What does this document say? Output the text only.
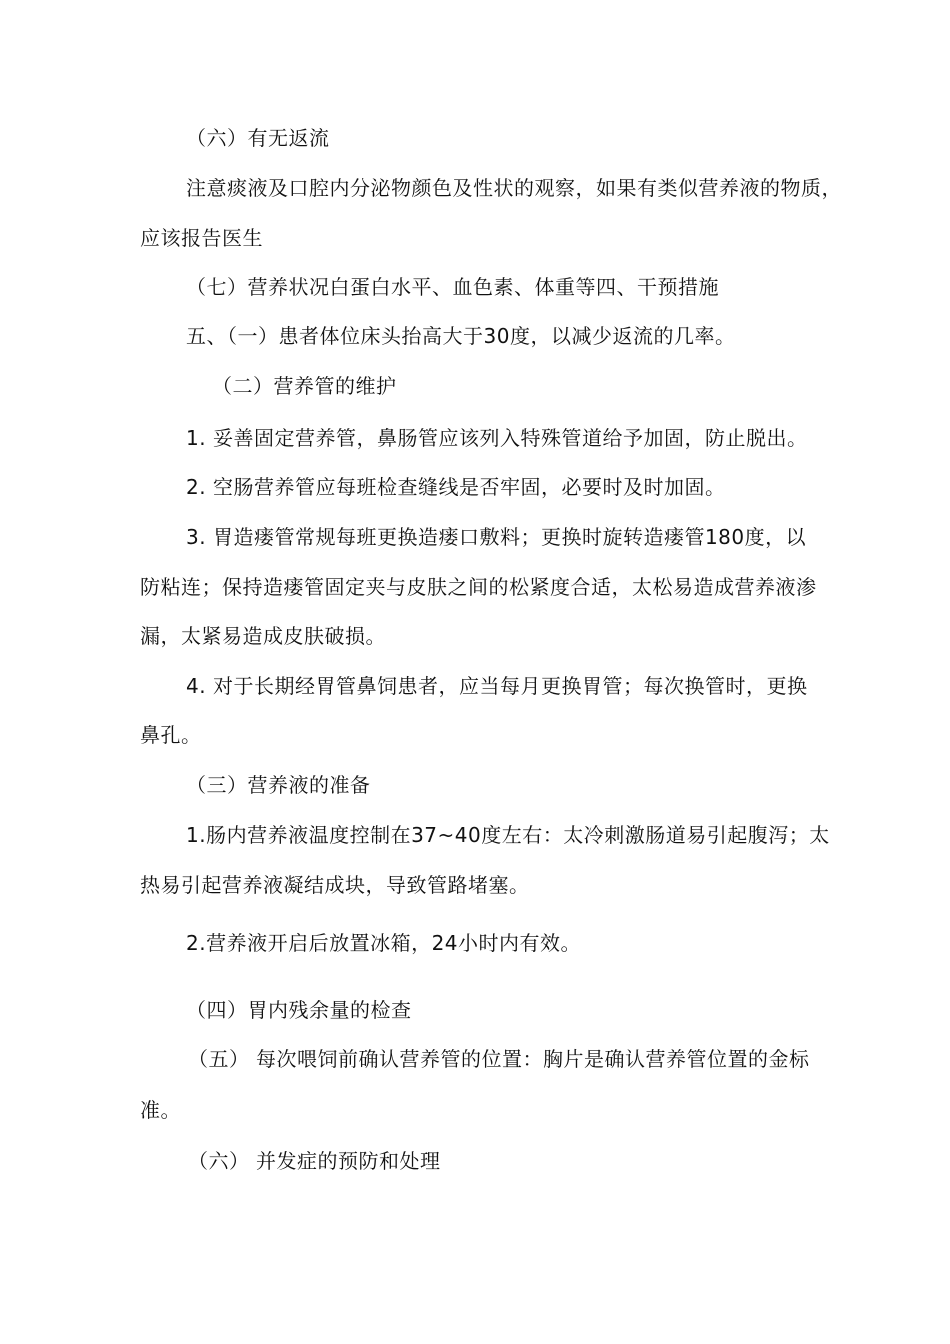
（六）有无返流
注意痰液及口腔内分泌物颜色及性状的观察，如果有类似营养液的物质，
应该报告医生
（七）营养状况白蛋白水平、血色素、体重等四、干预措施
五、（一）患者体位床头抬高大于30度，以减少返流的几率。
（二）营养管的维护
1. 妥善固定营养管，鼻肠管应该列入特殊管道给予加固，防止脱出。
2. 空肠营养管应每班检查缝线是否牢固，必要时及时加固。
3. 胃造瘘管常规每班更换造瘘口敷料；更换时旋转造瘘管180度，以
防粘连；保持造瘘管固定夹与皮肤之间的松紧度合适，太松易造成营养液渗
漏，太紧易造成皮肤破损。
4. 对于长期经胃管鼻饲患者，应当每月更换胃管；每次换管时，更换
鼻孔。
（三）营养液的准备
1.肠内营养液温度控制在37~40度左右：太冷刺激肠道易引起腹泻；太
热易引起营养液凝结成块，导致管路堵塞。
2.营养液开启后放置冰箱，24小时内有效。
（四）胃内残余量的检查
（五） 每次喂饲前确认营养管的位置：胸片是确认营养管位置的金标
准。
（六） 并发症的预防和处理
